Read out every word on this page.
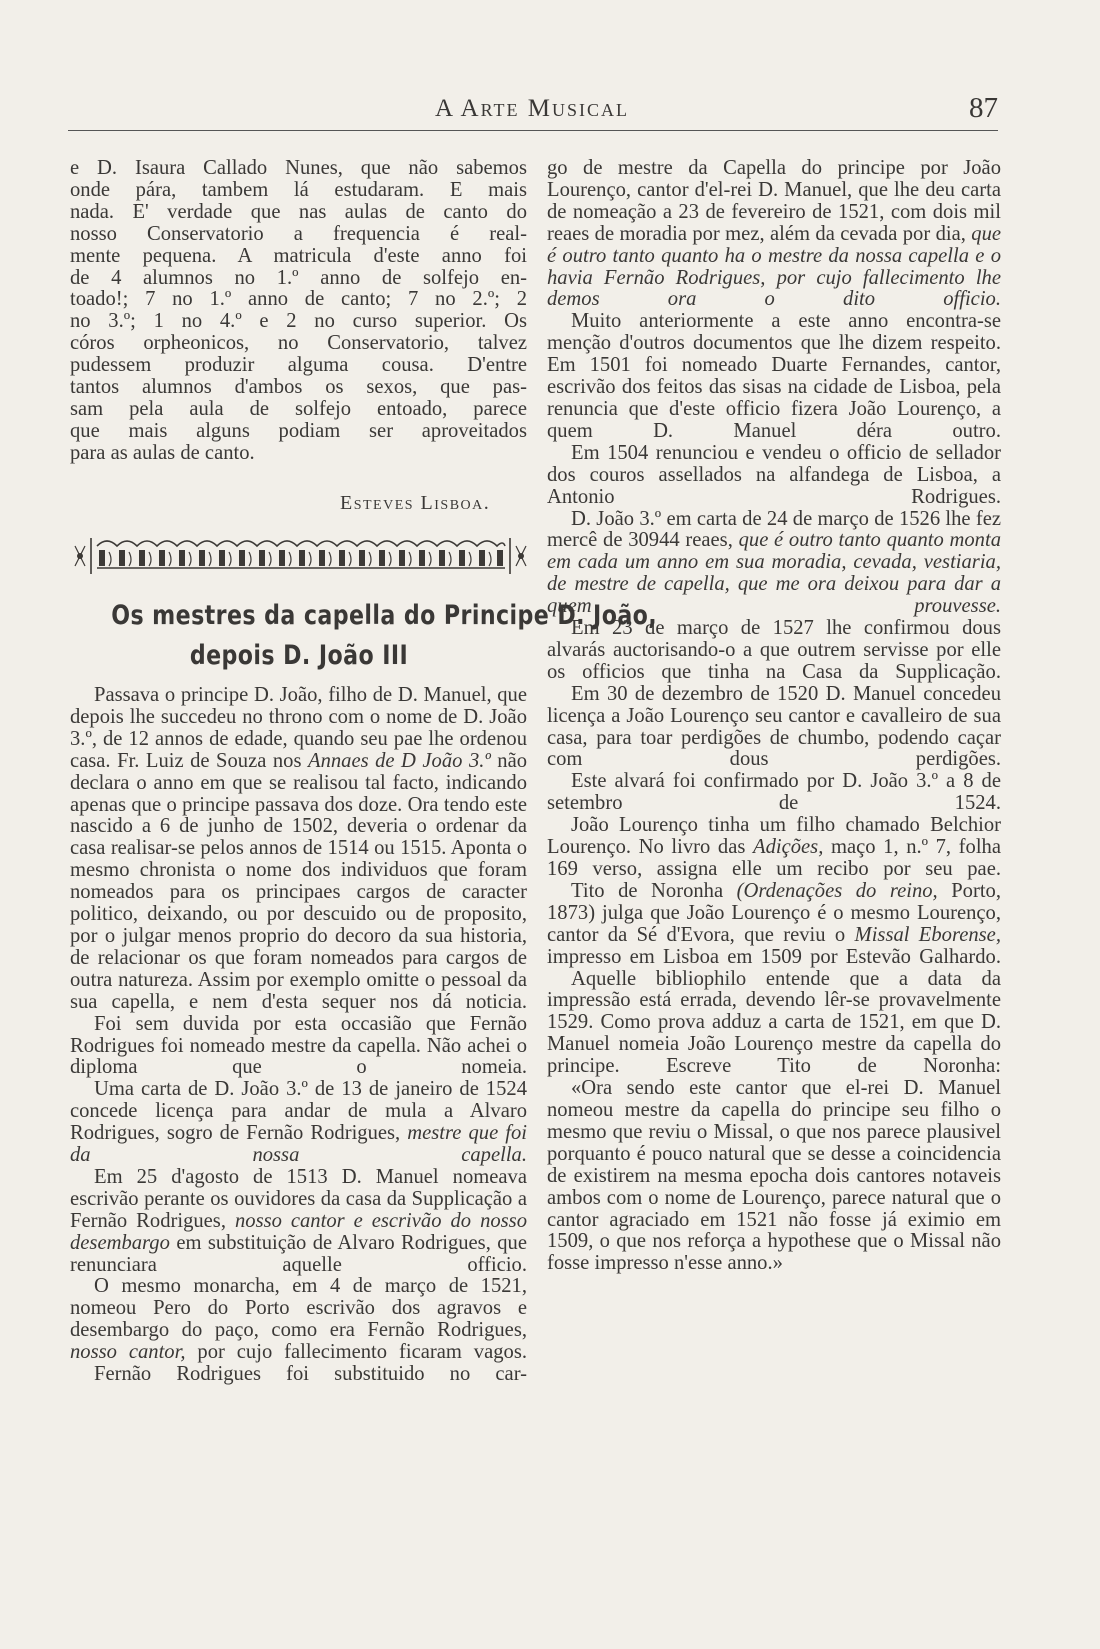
A Arte Musical	87

e D. Isaura Callado Nunes, que não sabemos

onde pára, tambem lá estudaram. E mais

nada. E' verdade que nas aulas de canto do

nosso Conservatorio a frequencia é real-

mente pequena. A matricula d'este anno foi

de 4 alumnos no 1.º anno de solfejo en-

toado!; 7 no 1.º anno de canto; 7 no 2.º; 2

no 3.º; 1 no 4.º e 2 no curso superior. Os

córos orpheonicos, no Conservatorio, talvez

pudessem produzir alguma cousa. D'entre

tantos alumnos d'ambos os sexos, que pas-

sam pela aula de solfejo entoado, parece

que mais alguns podiam ser aproveitados

para as aulas de canto.

Esteves Lisboa.
Os mestres da capella do Principe D. João,
depois D. João III

Passava o principe D. João, filho de D. Manuel, que depois lhe succedeu no throno com o nome de D. João 3.º, de 12 annos de edade, quando seu pae lhe ordenou casa. Fr. Luiz de Souza nos Annaes de D João 3.º não declara o anno em que se realisou tal facto, indicando apenas que o principe passava dos doze. Ora tendo este nascido a 6 de junho de 1502, deveria o ordenar da casa realisar-se pelos annos de 1514 ou 1515. Aponta o mesmo chronista o nome dos individuos que foram nomeados para os principaes cargos de caracter politico, deixando, ou por descuido ou de proposito, por o julgar menos proprio do decoro da sua historia, de relacionar os que foram nomeados para cargos de outra natureza. Assim por exemplo omitte o pessoal da sua capella, e nem d'esta sequer nos dá noticia.

Foi sem duvida por esta occasião que Fernão Rodrigues foi nomeado mestre da capella. Não achei o diploma que o nomeia.

Uma carta de D. João 3.º de 13 de janeiro de 1524 concede licença para andar de mula a Alvaro Rodrigues, sogro de Fernão Rodrigues, mestre que foi da nossa capella.

Em 25 d'agosto de 1513 D. Manuel nomeava escrivão perante os ouvidores da casa da Supplicação a Fernão Rodrigues, nosso cantor e escrivão do nosso desembargo em substituição de Alvaro Rodrigues, que renunciara aquelle officio.

O mesmo monarcha, em 4 de março de 1521, nomeou Pero do Porto escrivão dos agravos e desembargo do paço, como era Fernão Rodrigues, nosso cantor, por cujo fallecimento ficaram vagos.

Fernão Rodrigues foi substituido no car-

go de mestre da Capella do principe por João Lourenço, cantor d'el-rei D. Manuel, que lhe deu carta de nomeação a 23 de fevereiro de 1521, com dois mil reaes de moradia por mez, além da cevada por dia, que é outro tanto quanto ha o mestre da nossa capella e o havia Fernão Rodrigues, por cujo fallecimento lhe demos ora o dito officio.

Muito anteriormente a este anno encontra-se menção d'outros documentos que lhe dizem respeito. Em 1501 foi nomeado Duarte Fernandes, cantor, escrivão dos feitos das sisas na cidade de Lisboa, pela renuncia que d'este officio fizera João Lourenço, a quem D. Manuel déra outro.

Em 1504 renunciou e vendeu o officio de sellador dos couros assellados na alfandega de Lisboa, a Antonio Rodrigues.

D. João 3.º em carta de 24 de março de 1526 lhe fez mercê de 30944 reaes, que é outro tanto quanto monta em cada um anno em sua moradia, cevada, vestiaria, de mestre de capella, que me ora deixou para dar a quem prouvesse.

Em 23 de março de 1527 lhe confirmou dous alvarás auctorisando-o a que outrem servisse por elle os officios que tinha na Casa da Supplicação.

Em 30 de dezembro de 1520 D. Manuel concedeu licença a João Lourenço seu cantor e cavalleiro de sua casa, para toar perdigões de chumbo, podendo caçar com dous perdigões.

Este alvará foi confirmado por D. João 3.º a 8 de setembro de 1524.

João Lourenço tinha um filho chamado Belchior Lourenço. No livro das Adições, maço 1, n.º 7, folha 169 verso, assigna elle um recibo por seu pae.

Tito de Noronha (Ordenações do reino, Porto, 1873) julga que João Lourenço é o mesmo Lourenço, cantor da Sé d'Evora, que reviu o Missal Eborense, impresso em Lisboa em 1509 por Estevão Galhardo.

Aquelle bibliophilo entende que a data da impressão está errada, devendo lêr-se provavelmente 1529. Como prova adduz a carta de 1521, em que D. Manuel nomeia João Lourenço mestre da capella do principe. Escreve Tito de Noronha:

«Ora sendo este cantor que el-rei D. Manuel nomeou mestre da capella do principe seu filho o mesmo que reviu o Missal, o que nos parece plausivel porquanto é pouco natural que se desse a coincidencia de existirem na mesma epocha dois cantores notaveis ambos com o nome de Lourenço, parece natural que o cantor agraciado em 1521 não fosse já eximio em 1509, o que nos reforça a hypothese que o Missal não fosse impresso n'esse anno.»
